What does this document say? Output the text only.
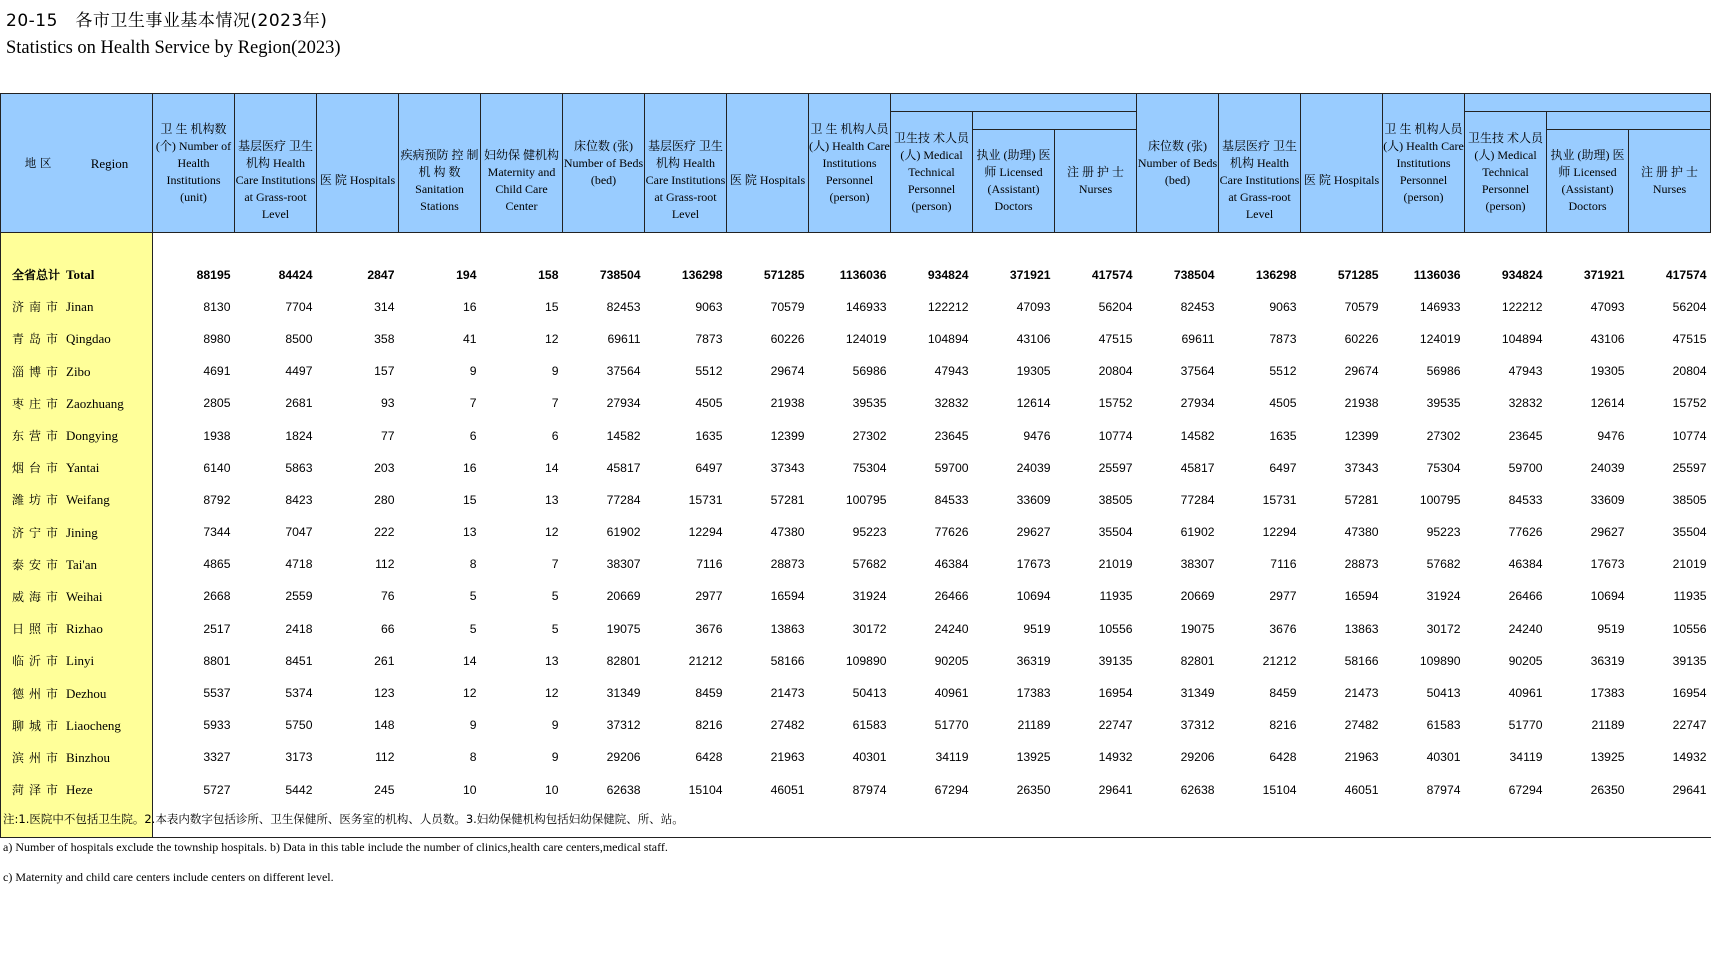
20-15　各市卫生事业基本情况(2023年)
Statistics on Health Service by Region(2023)
地 区 Region	卫 生 机构数 (个) Number of Health Institutions (unit)					床位数 (张) Number of Beds (bed)			卫 生 机构人员 (人) Health Care Institutions Personnel (person)				床位数 (张) Number of Beds (bed)			卫 生 机构人员 (人) Health Care Institutions Personnel (person)			
										卫生技 术人员 (人) Medical Technical Personnel (person)							卫生技 术人员 (人) Medical Technical Personnel (person)		
		基层医疗 卫生机构 Health Care Institutions at Grass-root Level	医 院 Hospitals	疾病预防 控 制 机 构 数 Sanitation Stations	妇幼保 健机构 Maternity and Child Care Center		基层医疗 卫生机构 Health Care Institutions at Grass-root Level	医 院 Hospitals			执业 (助理) 医师 Licensed (Assistant) Doctors	注 册 护 士 Nurses		基层医疗 卫生机构 Health Care Institutions at Grass-root Level	医 院 Hospitals			执业 (助理) 医师 Licensed (Assistant) Doctors	注 册 护 士 Nurses

全省总计 Total	88195	84424	2847	194	158	738504	136298	571285	1136036	934824	371921	417574	738504	136298	571285	1136036	934824	371921	417574
济南市 Jinan	8130	7704	314	16	15	82453	9063	70579	146933	122212	47093	56204	82453	9063	70579	146933	122212	47093	56204
青岛市 Qingdao	8980	8500	358	41	12	69611	7873	60226	124019	104894	43106	47515	69611	7873	60226	124019	104894	43106	47515
淄博市 Zibo	4691	4497	157	9	9	37564	5512	29674	56986	47943	19305	20804	37564	5512	29674	56986	47943	19305	20804
枣庄市 Zaozhuang	2805	2681	93	7	7	27934	4505	21938	39535	32832	12614	15752	27934	4505	21938	39535	32832	12614	15752
东营市 Dongying	1938	1824	77	6	6	14582	1635	12399	27302	23645	9476	10774	14582	1635	12399	27302	23645	9476	10774
烟台市 Yantai	6140	5863	203	16	14	45817	6497	37343	75304	59700	24039	25597	45817	6497	37343	75304	59700	24039	25597
潍坊市 Weifang	8792	8423	280	15	13	77284	15731	57281	100795	84533	33609	38505	77284	15731	57281	100795	84533	33609	38505
济宁市 Jining	7344	7047	222	13	12	61902	12294	47380	95223	77626	29627	35504	61902	12294	47380	95223	77626	29627	35504
泰安市 Tai'an	4865	4718	112	8	7	38307	7116	28873	57682	46384	17673	21019	38307	7116	28873	57682	46384	17673	21019
威海市 Weihai	2668	2559	76	5	5	20669	2977	16594	31924	26466	10694	11935	20669	2977	16594	31924	26466	10694	11935
日照市 Rizhao	2517	2418	66	5	5	19075	3676	13863	30172	24240	9519	10556	19075	3676	13863	30172	24240	9519	10556
临沂市 Linyi	8801	8451	261	14	13	82801	21212	58166	109890	90205	36319	39135	82801	21212	58166	109890	90205	36319	39135
德州市 Dezhou	5537	5374	123	12	12	31349	8459	21473	50413	40961	17383	16954	31349	8459	21473	50413	40961	17383	16954
聊城市 Liaocheng	5933	5750	148	9	9	37312	8216	27482	61583	51770	21189	22747	37312	8216	27482	61583	51770	21189	22747
滨州市 Binzhou	3327	3173	112	8	9	29206	6428	21963	40301	34119	13925	14932	29206	6428	21963	40301	34119	13925	14932
菏泽市 Heze	5727	5442	245	10	10	62638	15104	46051	87974	67294	26350	29641	62638	15104	46051	87974	67294	26350	29641

注:1.医院中不包括卫生院。2.本表内数字包括诊所、卫生保健所、医务室的机构、人员数。3.妇幼保健机构包括妇幼保健院、所、站。
a) Number of hospitals exclude the township hospitals. b) Data in this table include the number of clinics,health care centers,medical staff.
c) Maternity and child care centers include centers on different level.
